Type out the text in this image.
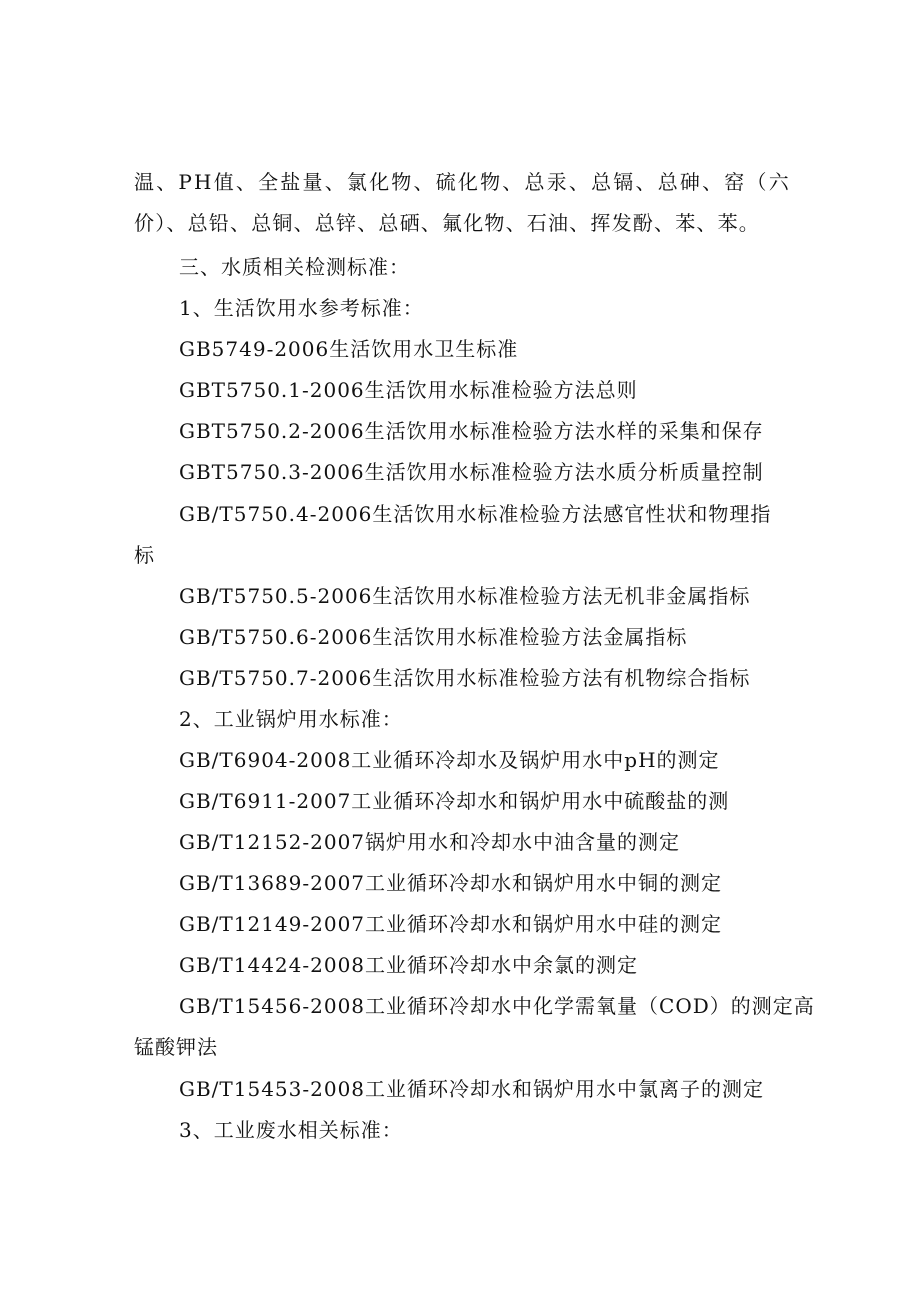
温、PH值、全盐量、氯化物、硫化物、总汞、总镉、总砷、窑（六
价）、总铅、总铜、总锌、总硒、氟化物、石油、挥发酚、苯、苯。
三、水质相关检测标准：
1、生活饮用水参考标准：
GB5749-2006生活饮用水卫生标准
GBT5750.1-2006生活饮用水标准检验方法总则
GBT5750.2-2006生活饮用水标准检验方法水样的采集和保存
GBT5750.3-2006生活饮用水标准检验方法水质分析质量控制
GB/T5750.4-2006生活饮用水标准检验方法感官性状和物理指
标
GB/T5750.5-2006生活饮用水标准检验方法无机非金属指标
GB/T5750.6-2006生活饮用水标准检验方法金属指标
GB/T5750.7-2006生活饮用水标准检验方法有机物综合指标
2、工业锅炉用水标准：
GB/T6904-2008工业循环冷却水及锅炉用水中pH的测定
GB/T6911-2007工业循环冷却水和锅炉用水中硫酸盐的测
GB/T12152-2007锅炉用水和冷却水中油含量的测定
GB/T13689-2007工业循环冷却水和锅炉用水中铜的测定
GB/T12149-2007工业循环冷却水和锅炉用水中硅的测定
GB/T14424-2008工业循环冷却水中余氯的测定
GB/T15456-2008工业循环冷却水中化学需氧量（COD）的测定高
锰酸钾法
GB/T15453-2008工业循环冷却水和锅炉用水中氯离子的测定
3、工业废水相关标准：
